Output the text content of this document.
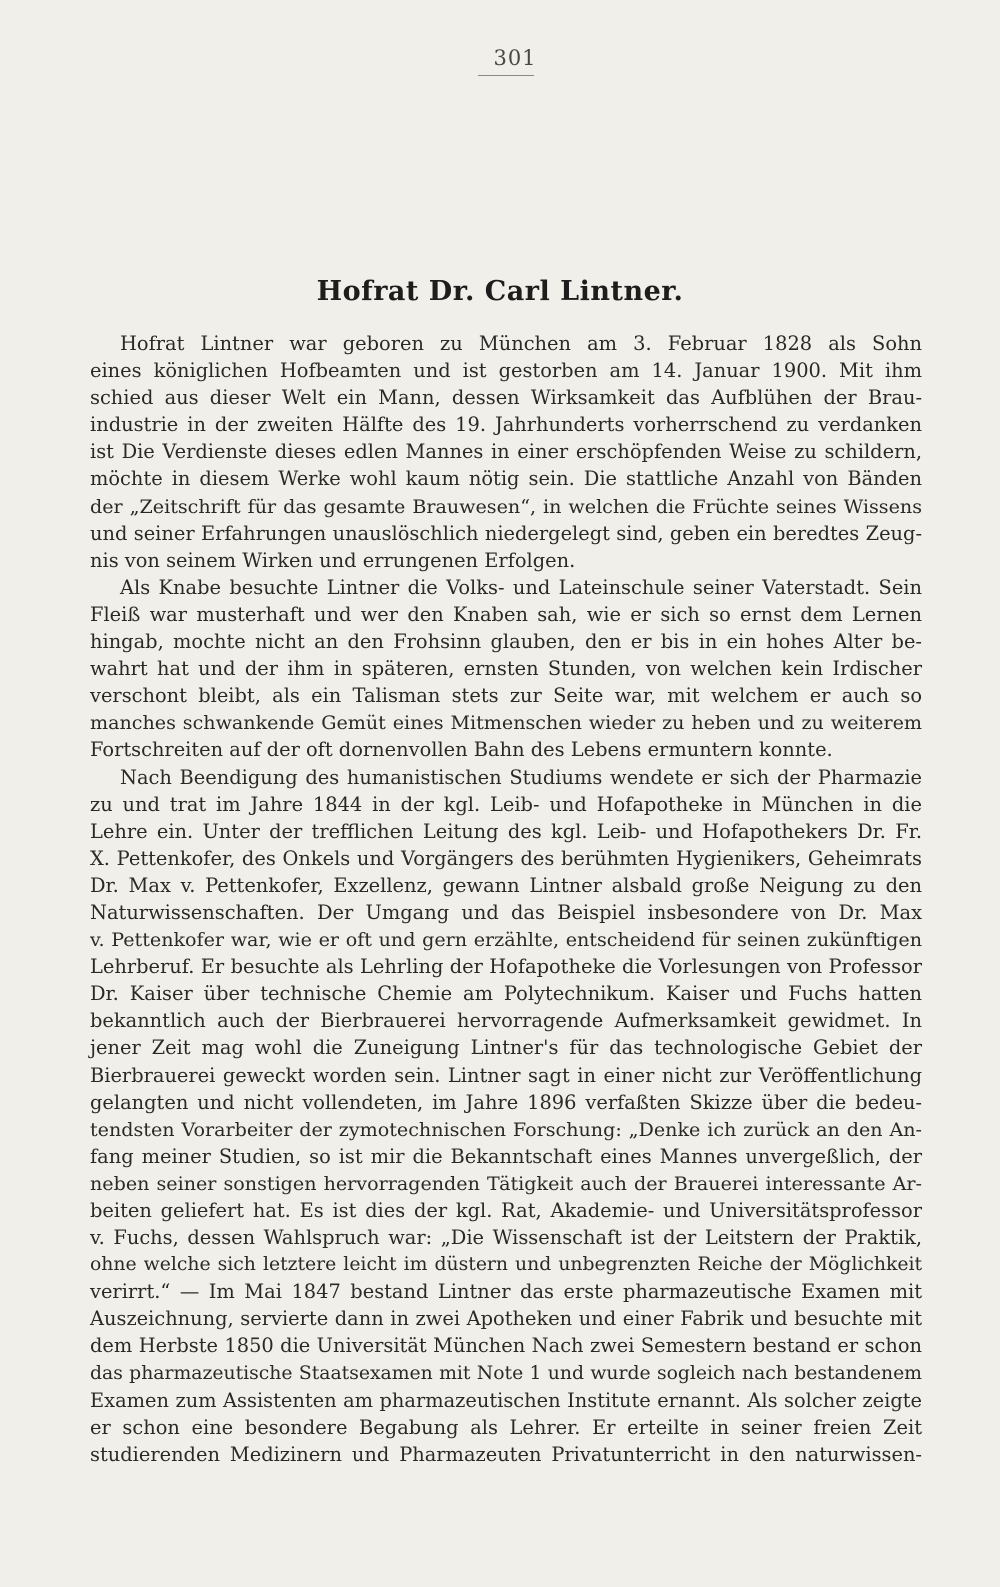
301
Hofrat Dr. Carl Lintner.
Hofrat Lintner war geboren zu München am 3. Februar 1828 als Sohn
eines königlichen Hofbeamten und ist gestorben am 14. Januar 1900. Mit ihm
schied aus dieser Welt ein Mann, dessen Wirksamkeit das Aufblühen der Brau-
industrie in der zweiten Hälfte des 19. Jahrhunderts vorherrschend zu verdanken
ist Die Verdienste dieses edlen Mannes in einer erschöpfenden Weise zu schildern,
möchte in diesem Werke wohl kaum nötig sein. Die stattliche Anzahl von Bänden
der „Zeitschrift für das gesamte Brauwesen“, in welchen die Früchte seines Wissens
und seiner Erfahrungen unauslöschlich niedergelegt sind, geben ein beredtes Zeug-
nis von seinem Wirken und errungenen Erfolgen.
Als Knabe besuchte Lintner die Volks- und Lateinschule seiner Vaterstadt. Sein
Fleiß war musterhaft und wer den Knaben sah, wie er sich so ernst dem Lernen
hingab, mochte nicht an den Frohsinn glauben, den er bis in ein hohes Alter be-
wahrt hat und der ihm in späteren, ernsten Stunden, von welchen kein Irdischer
verschont bleibt, als ein Talisman stets zur Seite war, mit welchem er auch so
manches schwankende Gemüt eines Mitmenschen wieder zu heben und zu weiterem
Fortschreiten auf der oft dornenvollen Bahn des Lebens ermuntern konnte.
Nach Beendigung des humanistischen Studiums wendete er sich der Pharmazie
zu und trat im Jahre 1844 in der kgl. Leib- und Hofapotheke in München in die
Lehre ein. Unter der trefflichen Leitung des kgl. Leib- und Hofapothekers Dr. Fr.
X. Pettenkofer, des Onkels und Vorgängers des berühmten Hygienikers, Geheimrats
Dr. Max v. Pettenkofer, Exzellenz, gewann Lintner alsbald große Neigung zu den
Naturwissenschaften. Der Umgang und das Beispiel insbesondere von Dr. Max
v. Pettenkofer war, wie er oft und gern erzählte, entscheidend für seinen zukünftigen
Lehrberuf. Er besuchte als Lehrling der Hofapotheke die Vorlesungen von Professor
Dr. Kaiser über technische Chemie am Polytechnikum. Kaiser und Fuchs hatten
bekanntlich auch der Bierbrauerei hervorragende Aufmerksamkeit gewidmet. In
jener Zeit mag wohl die Zuneigung Lintner's für das technologische Gebiet der
Bierbrauerei geweckt worden sein. Lintner sagt in einer nicht zur Veröffentlichung
gelangten und nicht vollendeten, im Jahre 1896 verfaßten Skizze über die bedeu-
tendsten Vorarbeiter der zymotechnischen Forschung: „Denke ich zurück an den An-
fang meiner Studien, so ist mir die Bekanntschaft eines Mannes unvergeßlich, der
neben seiner sonstigen hervorragenden Tätigkeit auch der Brauerei interessante Ar-
beiten geliefert hat. Es ist dies der kgl. Rat, Akademie- und Universitätsprofessor
v. Fuchs, dessen Wahlspruch war: „Die Wissenschaft ist der Leitstern der Praktik,
ohne welche sich letztere leicht im düstern und unbegrenzten Reiche der Möglichkeit
verirrt.“ — Im Mai 1847 bestand Lintner das erste pharmazeutische Examen mit
Auszeichnung, servierte dann in zwei Apotheken und einer Fabrik und besuchte mit
dem Herbste 1850 die Universität München Nach zwei Semestern bestand er schon
das pharmazeutische Staatsexamen mit Note 1 und wurde sogleich nach bestandenem
Examen zum Assistenten am pharmazeutischen Institute ernannt. Als solcher zeigte
er schon eine besondere Begabung als Lehrer. Er erteilte in seiner freien Zeit
studierenden Medizinern und Pharmazeuten Privatunterricht in den naturwissen-
